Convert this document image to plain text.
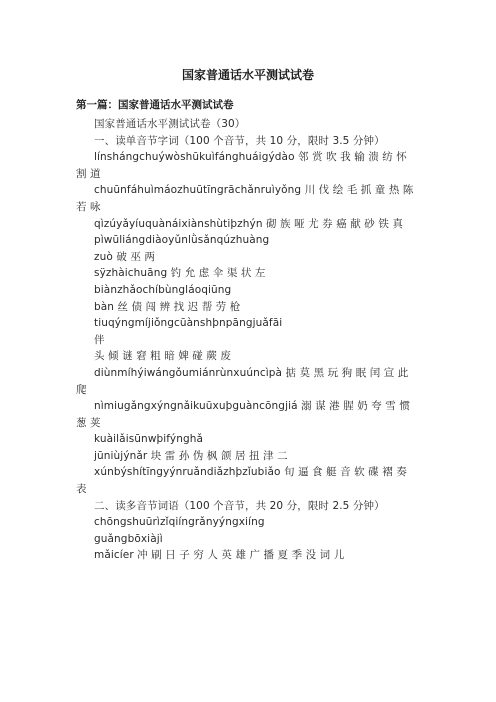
国家普通话水平测试试卷
第一篇：国家普通话水平测试试卷
国家普通话水平测试试卷（30）
一、读单音节字词（100 个音节，共 10 分，限时 3.5 分钟）
línshángchuýwòshūkuìfánghuáigýdào 邻 赏 吹 我 输 溃 纺 怀
割 道
chuūnfáhuìmáozhuūtīngrāchǎnruìyǒng 川 伐 绘 毛 抓 童 热 陈
若 咏
qìzúyǎyíuquànáixiànshùtiþzhýn 砌 族 哑 尤 券 癌 献 砂 铁 真
pìwūliángdiàoyǔnlǜsǎnqúzhuàng
zuò 破 巫 两
sÿzhàichuāng 钓 允 虑 伞 渠 状 左
biànzhǎochíbùngláoqiūng
bàn 丝 债 闯 辨 找 迟 帮 劳 枪
tiuqýngmíjiǒngcūànshþnpāngjuǎfāi
伴
头 倾 谜 窘 粗 暗 婢 碰 蕨 废
diùnmíhýiwángǒumiánrùnxuúncìpà 掂 莫 黑 玩 狗 眠 闰 宣 此
爬
nìmiugǎngxýngnǎikuūxuþguàncōngjiá 溺 谋 港 腥 奶 夸 雪 惯
葱 荚
kuàilǎisūnwþifýnghǎ
jūniùjýnǎr 块 雷 孙 伪 枫 颌 居 扭 津 二
xúnbýshítīngyýnruǎndiǎzhþzǐubiǎo 旬 逼 食 艇 音 软 碟 褶 奏
表
二、读多音节词语（100 个音节，共 20 分，限时 2.5 分钟）
chōngshuūrìzǐqiíngrǎnyýngxiíng
guǎngbōxiàjì
mǎicíer 冲 刷 日 子 穷 人 英 雄 广 播 夏 季 没 词 儿
